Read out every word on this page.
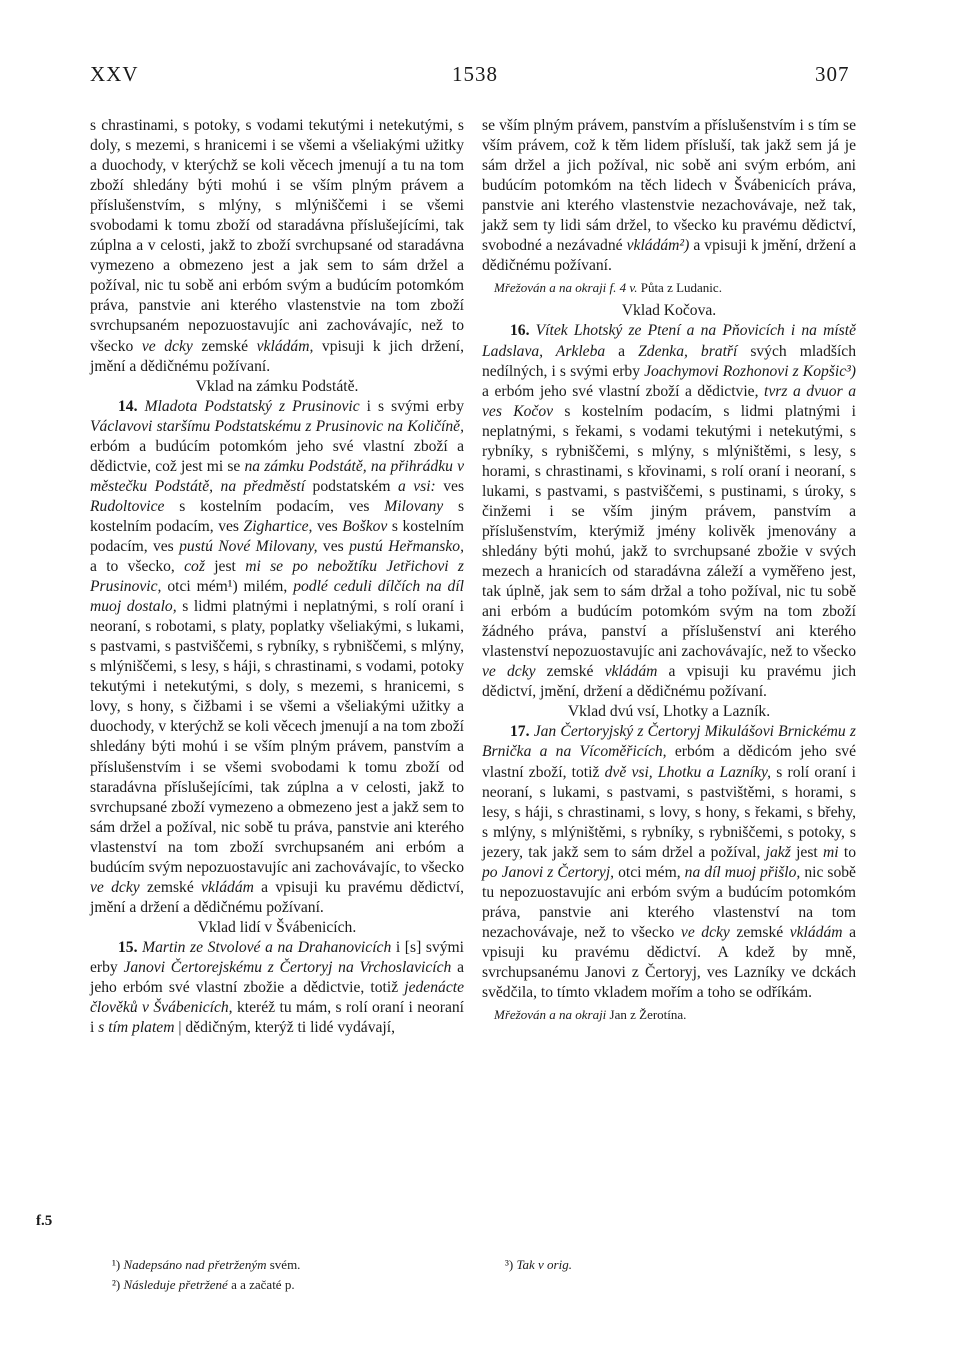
XXV	1538	307
f.5

s chrastinami, s potoky, s vodami tekutými i netekutými, s doly, s mezemi, s hranicemi i se všemi a všeliakými užitky a duochody, v kterýchž se koli věcech jmenují a tu na tom zboží shledány býti mohú i se vším plným právem a příslušenstvím, s mlýny, s mlýniščemi i se všemi svobodami k tomu zboží od staradávna příslušejícími, tak zúplna a v celosti, jakž to zboží svrchupsané od staradávna vymezeno a obmezeno jest a jak sem to sám držel a požíval, nic tu sobě ani erbóm svým a budúcím potomkóm práva, panstvie ani kterého vlastenstvie na tom zboží svrchupsaném nepozuostavujíc ani zachovávajíc, než to všecko ve dcky zemské vkládám, vpisuji k jich držení, jmění a dědičnému požívaní.

Vklad na zámku Podstátě.

14. Mladota Podstatský z Prusinovic i s svými erby Václavovi staršímu Podstatskému z Prusinovic na Količíně, erbóm a budúcím potomkóm jeho své vlastní zboží a dědictvie, což jest mi se na zámku Podstátě, na přihrádku v městečku Podstátě, na předměstí podstatském a vsi: ves Rudoltovice s kostelním podacím, ves Milovany s kostelním podacím, ves Zighartice, ves Boškov s kostelním podacím, ves pustú Nové Milovany, ves pustú Heřmansko, a to všecko, což jest mi se po nebožtíku Jetřichovi z Prusinovic, otci mém¹) milém, podlé ceduli dílčích na díl muoj dostalo, s lidmi platnými i neplatnými, s rolí oraní i neoraní, s robotami, s platy, poplatky všeliakými, s lukami, s pastvami, s pastviščemi, s rybníky, s rybniščemi, s mlýny, s mlýniščemi, s lesy, s háji, s chrastinami, s vodami, potoky tekutými i netekutými, s doly, s mezemi, s hranicemi, s lovy, s hony, s čižbami i se všemi a všeliakými užitky a duochody, v kterýchž se koli věcech jmenují a na tom zboží shledány býti mohú i se vším plným právem, panstvím a příslušenstvím i se všemi svobodami k tomu zboží od staradávna příslušejícími, tak zúplna a v celosti, jakž to svrchupsané zboží vymezeno a obmezeno jest a jakž sem to sám držel a požíval, nic sobě tu práva, panstvie ani kterého vlastenství na tom zboží svrchupsaném ani erbóm a budúcím svým nepozuostavujíc ani zachovávajíc, to všecko ve dcky zemské vkládám a vpisuji ku pravému dědictví, jmění a držení a dědičnému požívaní.

Vklad lidí v Švábenicích.

15. Martin ze Stvolové a na Drahanovicích i [s] svými erby Janovi Čertorejskému z Čertoryj na Vrchoslavicích a jeho erbóm své vlastní zbožie a dědictvie, totiž jedenácte člověků v Švábenicích, kteréž tu mám, s rolí oraní i neoraní i s tím platem | dědičným, kterýž ti lidé vydávají,

se vším plným právem, panstvím a příslušenstvím i s tím se vším právem, což k těm lidem přísluší, tak jakž sem já je sám držel a jich požíval, nic sobě ani svým erbóm, ani budúcím potomkóm na těch lidech v Švábenicích práva, panstvie ani kterého vlastenstvie nezachovávaje, než tak, jakž sem ty lidi sám držel, to všecko ku pravému dědictví, svobodné a nezávadné vkládám²) a vpisuji k jmění, držení a dědičnému požívaní.

Mřežován a na okraji f. 4 v. Půta z Ludanic.

Vklad Kočova.

16. Vítek Lhotský ze Ptení a na Pňovicích i na místě Ladslava, Arkleba a Zdenka, bratří svých mladších nedílných, i s svými erby Joachymovi Rozhonovi z Kopšic³) a erbóm jeho své vlastní zboží a dědictvie, tvrz a dvuor a ves Kočov s kostelním podacím, s lidmi platnými i neplatnými, s řekami, s vodami tekutými i netekutými, s rybníky, s rybniščemi, s mlýny, s mlýništěmi, s lesy, s horami, s chrastinami, s křovinami, s rolí oraní i neoraní, s lukami, s pastvami, s pastviščemi, s pustinami, s úroky, s činžemi i se vším jiným právem, panstvím a příslušenstvím, kterýmiž jmény kolivěk jmenovány a shledány býti mohú, jakž to svrchupsané zbožie v svých mezech a hranicích od staradávna záleží a vyměřeno jest, tak úplně, jak sem to sám držal a toho požíval, nic tu sobě ani erbóm a budúcím potomkóm svým na tom zboží žádného práva, panství a příslušenství ani kterého vlastenství nepozuostavujíc ani zachovávajíc, než to všecko ve dcky zemské vkládám a vpisuji ku pravému jich dědictví, jmění, držení a dědičnému požívaní.

Vklad dvú vsí, Lhotky a Lazník.

17. Jan Čertoryjský z Čertoryj Mikulášovi Brnickému z Brnička a na Vícoměřicích, erbóm a dědicóm jeho své vlastní zboží, totiž dvě vsi, Lhotku a Lazníky, s rolí oraní i neoraní, s lukami, s pastvami, s pastvištěmi, s horami, s lesy, s háji, s chrastinami, s lovy, s hony, s řekami, s břehy, s mlýny, s mlýništěmi, s rybníky, s rybniščemi, s potoky, s jezery, tak jakž sem to sám držel a požíval, jakž jest mi to po Janovi z Čertoryj, otci mém, na díl muoj přišlo, nic sobě tu nepozuostavujíc ani erbóm svým a budúcím potomkóm práva, panstvie ani kterého vlastenství na tom nezachovávaje, než to všecko ve dcky zemské vkládám a vpisuji ku pravému dědictví. A kdež by mně, svrchupsanému Janovi z Čertoryj, ves Lazníky ve dckách svědčila, to tímto vkladem mořím a toho se odříkám.

Mřežován a na okraji Jan z Žerotína.

¹) Nadepsáno nad přetrženým svém.
²) Následuje přetržené a a začaté p.
³) Tak v orig.
